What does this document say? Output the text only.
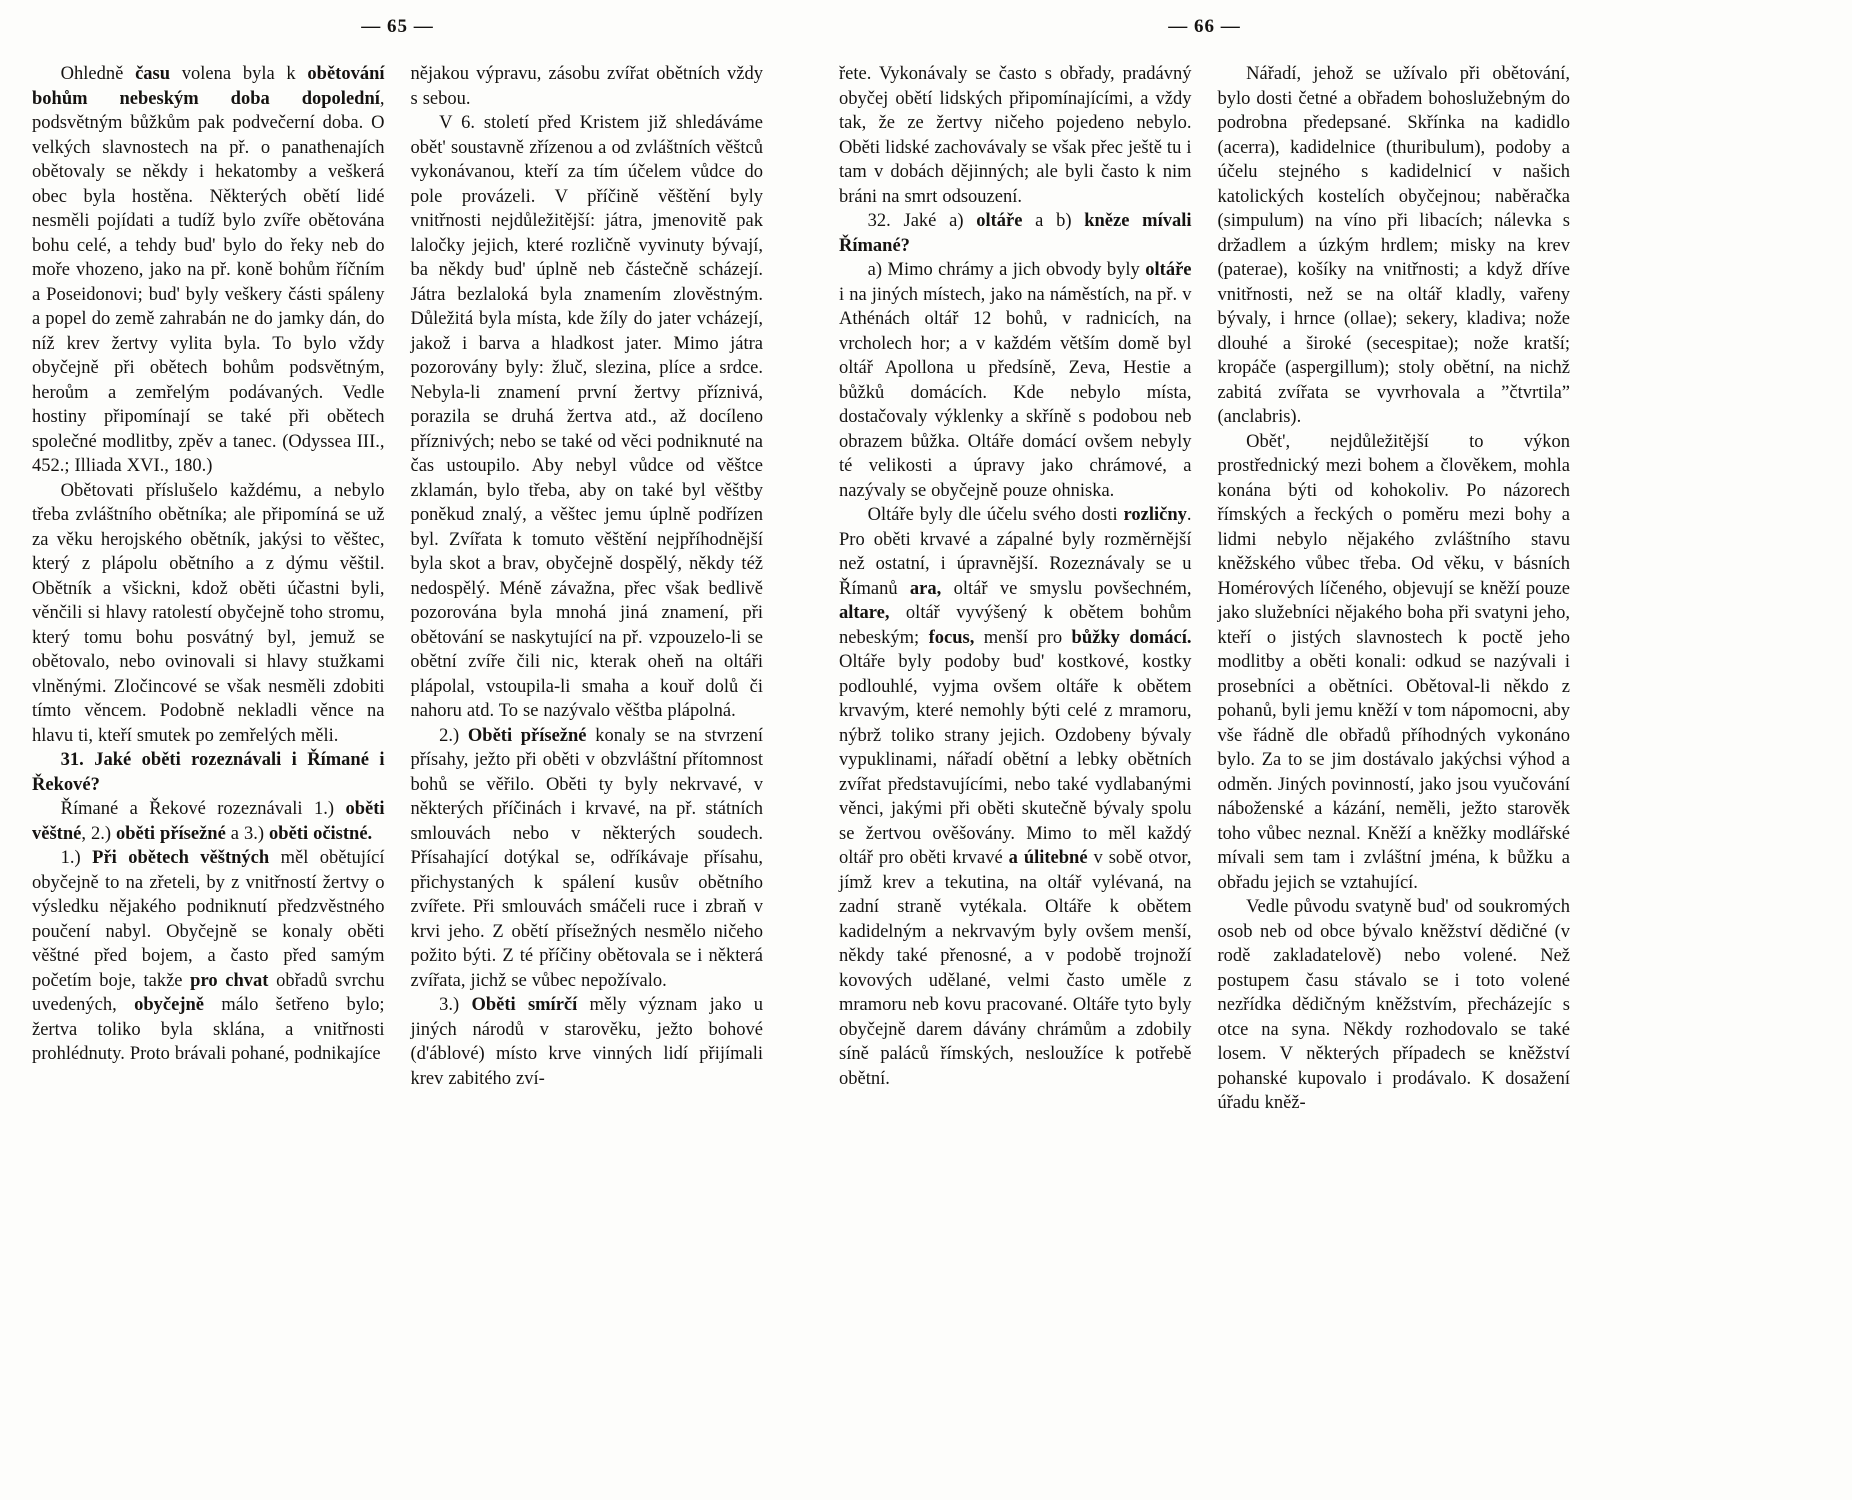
— 65 —

Ohledně času volena byla k obětování bohům nebeským doba dopolední, podsvětným bůžkům pak podvečerní doba. O velkých slavnostech na př. o panathenajích obětovaly se někdy i hekatomby a veškerá obec byla hostěna. Některých obětí lidé nesměli pojídati a tudíž bylo zvíře obětována bohu celé, a tehdy bud' bylo do řeky neb do moře vhozeno, jako na př. koně bohům říčním a Poseidonovi; bud' byly veškery části spáleny a popel do země zahrabán ne do jamky dán, do níž krev žertvy vylita byla. To bylo vždy obyčejně při obětech bohům podsvětným, heroům a zemřelým podávaných. Vedle hostiny připomínají se také při obětech společné modlitby, zpěv a tanec. (Odyssea III., 452.; Illiada XVI., 180.)

Obětovati příslušelo každému, a nebylo třeba zvláštního obětníka; ale připomíná se už za věku herojského obětník, jakýsi to věštec, který z plápolu obětního a z dýmu věštil. Obětník a všickni, kdož oběti účastni byli, věnčili si hlavy ratolestí obyčejně toho stromu, který tomu bohu posvátný byl, jemuž se obětovalo, nebo ovinovali si hlavy stužkami vlněnými. Zločincové se však nesměli zdobiti tímto věncem. Podobně nekladli věnce na hlavu ti, kteří smutek po zemřelých měli.

31. Jaké oběti rozeznávali i Římané i Řekové?

Římané a Řekové rozeznávali 1.) oběti věštné, 2.) oběti přísežné a 3.) oběti očistné.

1.) Při obětech věštných měl obětující obyčejně to na zřeteli, by z vnitřností žertvy o výsledku nějakého podniknutí předzvěstného poučení nabyl. Obyčejně se konaly oběti věštné před bojem, a často před samým početím boje, takže pro chvat obřadů svrchu uvedených, obyčejně málo šetřeno bylo; žertva toliko byla sklána, a vnitřnosti prohlédnuty. Proto brávali pohané, podnikajíce

nějakou výpravu, zásobu zvířat obětních vždy s sebou.

V 6. století před Kristem již shledáváme obět' soustavně zřízenou a od zvláštních věštců vykonávanou, kteří za tím účelem vůdce do pole provázeli. V příčině věštění byly vnitřnosti nejdůležitější: játra, jmenovitě pak laločky jejich, které rozličně vyvinuty bývají, ba někdy bud' úplně neb částečně scházejí. Játra bezlaloká byla znamením zlověstným. Důležitá byla místa, kde žíly do jater vcházejí, jakož i barva a hladkost jater. Mimo játra pozorovány byly: žluč, slezina, plíce a srdce. Nebyla-li znamení první žertvy příznivá, porazila se druhá žertva atd., až docíleno příznivých; nebo se také od věci podniknuté na čas ustoupilo. Aby nebyl vůdce od věštce zklamán, bylo třeba, aby on také byl věštby poněkud znalý, a věštec jemu úplně podřízen byl. Zvířata k tomuto věštění nejpříhodnější byla skot a brav, obyčejně dospělý, někdy též nedospělý. Méně závažna, přec však bedlivě pozorována byla mnohá jiná znamení, při obětování se naskytující na př. vzpouzelo-li se obětní zvíře čili nic, kterak oheň na oltáři plápolal, vstoupila-li smaha a kouř dolů či nahoru atd. To se nazývalo věštba plápolná.

2.) Oběti přísežné konaly se na stvrzení přísahy, ježto při oběti v obzvláštní přítomnost bohů se věřilo. Oběti ty byly nekrvavé, v některých příčinách i krvavé, na př. státních smlouvách nebo v některých soudech. Přísahající dotýkal se, odříkávaje přísahu, přichystaných k spálení kusův obětního zvířete. Při smlouvách smáčeli ruce i zbraň v krvi jeho. Z obětí přísežných nesmělo ničeho požito býti. Z té příčiny obětovala se i některá zvířata, jichž se vůbec nepožívalo.

3.) Oběti smírčí měly význam jako u jiných národů v starověku, ježto bohové (d'áblové) místo krve vinných lidí přijímali krev zabitého zví-

— 66 —

řete. Vykonávaly se často s obřady, pradávný obyčej obětí lidských připomínajícími, a vždy tak, že ze žertvy ničeho pojedeno nebylo. Oběti lidské zachovávaly se však přec ještě tu i tam v dobách dějinných; ale byli často k nim bráni na smrt odsouzení.

32. Jaké a) oltáře a b) kněze mívali Římané?

a) Mimo chrámy a jich obvody byly oltáře i na jiných místech, jako na náměstích, na př. v Athénách oltář 12 bohů, v radnicích, na vrcholech hor; a v každém větším domě byl oltář Apollona u předsíně, Zeva, Hestie a bůžků domácích. Kde nebylo místa, dostačovaly výklenky a skříně s podobou neb obrazem bůžka. Oltáře domácí ovšem nebyly té velikosti a úpravy jako chrámové, a nazývaly se obyčejně pouze ohniska.

Oltáře byly dle účelu svého dosti rozličny. Pro oběti krvavé a zápalné byly rozměrnější než ostatní, i úpravnější. Rozeznávaly se u Římanů ara, oltář ve smyslu povšechném, altare, oltář vyvýšený k obětem bohům nebeským; focus, menší pro bůžky domácí. Oltáře byly podoby bud' kostkové, kostky podlouhlé, vyjma ovšem oltáře k obětem krvavým, které nemohly býti celé z mramoru, nýbrž toliko strany jejich. Ozdobeny bývaly vypuklinami, nářadí obětní a lebky obětních zvířat představujícími, nebo také vydlabanými věnci, jakými při oběti skutečně bývaly spolu se žertvou ověšovány. Mimo to měl každý oltář pro oběti krvavé a úlitebné v sobě otvor, jímž krev a tekutina, na oltář vylévaná, na zadní straně vytékala. Oltáře k obětem kadidelným a nekrvavým byly ovšem menší, někdy také přenosné, a v podobě trojnoží kovových udělané, velmi často uměle z mramoru neb kovu pracované. Oltáře tyto byly obyčejně darem dávány chrámům a zdobily síně paláců římských, nesloužíce k potřebě obětní.

Nářadí, jehož se užívalo při obětování, bylo dosti četné a obřadem bohoslužebným do podrobna předepsané. Skřínka na kadidlo (acerra), kadidelnice (thuribulum), podoby a účelu stejného s kadidelnicí v našich katolických kostelích obyčejnou; naběračka (simpulum) na víno při libacích; nálevka s držadlem a úzkým hrdlem; misky na krev (paterae), košíky na vnitřnosti; a když dříve vnitřnosti, než se na oltář kladly, vařeny bývaly, i hrnce (ollae); sekery, kladiva; nože dlouhé a široké (secespitae); nože kratší; kropáče (aspergillum); stoly obětní, na nichž zabitá zvířata se vyvrhovala a ”čtvrtila” (anclabris).

Obět', nejdůležitější to výkon prostřednický mezi bohem a člověkem, mohla konána býti od kohokoliv. Po názorech římských a řeckých o poměru mezi bohy a lidmi nebylo nějakého zvláštního stavu kněžského vůbec třeba. Od věku, v básních Homérových líčeného, objevují se kněží pouze jako služebníci nějakého boha při svatyni jeho, kteří o jistých slavnostech k poctě jeho modlitby a oběti konali: odkud se nazývali i prosebníci a obětníci. Obětoval-li někdo z pohanů, byli jemu kněží v tom nápomocni, aby vše řádně dle obřadů příhodných vykonáno bylo. Za to se jim dostávalo jakýchsi výhod a odměn. Jiných povinností, jako jsou vyučování náboženské a kázání, neměli, ježto starověk toho vůbec neznal. Kněží a kněžky modlářské mívali sem tam i zvláštní jména, k bůžku a obřadu jejich se vztahující.

Vedle původu svatyně bud' od soukromých osob neb od obce bývalo kněžství dědičné (v rodě zakladatelově) nebo volené. Než postupem času stávalo se i toto volené nezřídka dědičným kněžstvím, přecházejíc s otce na syna. Někdy rozhodovalo se také losem. V některých případech se kněžství pohanské kupovalo i prodávalo. K dosažení úřadu kněž-
